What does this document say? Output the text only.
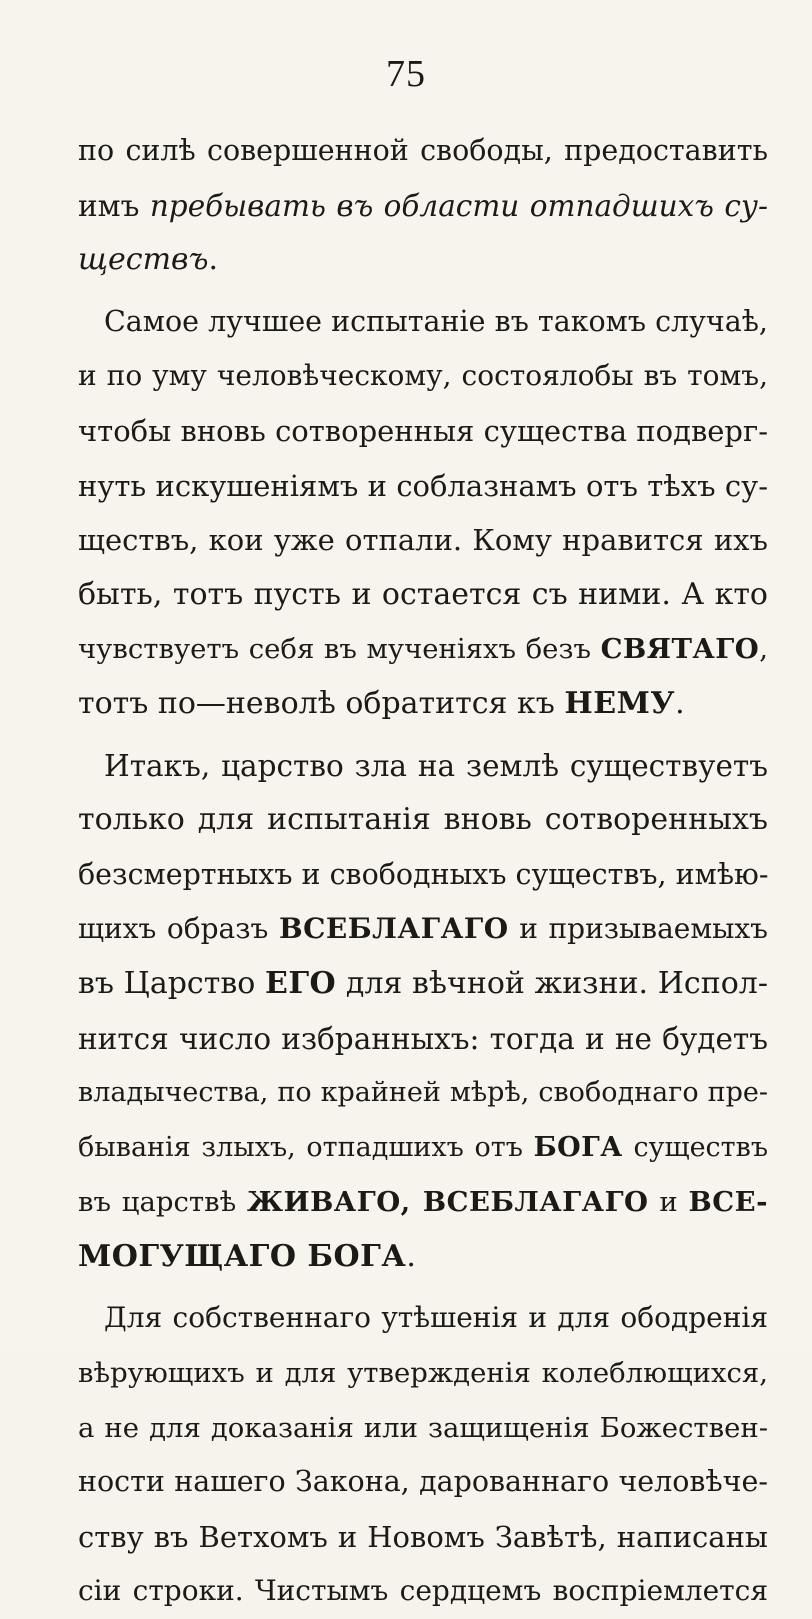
75
по силѣ совершенной свободы, предоставить
имъ пребывать въ области отпадшихъ су-
ществъ.
Самое лучшее испытаніе въ такомъ случаѣ,
и по уму человѣческому, состоялобы въ томъ,
чтобы вновь сотворенныя существа подверг-
нуть искушеніямъ и соблазнамъ отъ тѣхъ су-
ществъ, кои уже отпали. Кому нравится ихъ
быть, тотъ пусть и остается съ ними. А кто
чувствуетъ себя въ мученіяхъ безъ СВЯТАГО,
тотъ по—неволѣ обратится къ НЕМУ.
Итакъ, царство зла на землѣ существуетъ
только для испытанія вновь сотворенныхъ
безсмертныхъ и свободныхъ существъ, имѣю-
щихъ образъ ВСЕБЛАГАГО и призываемыхъ
въ Царство ЕГО для вѣчной жизни. Испол-
нится число избранныхъ: тогда и не будетъ
владычества, по крайней мѣрѣ, свободнаго пре-
быванія злыхъ, отпадшихъ отъ БОГА существъ
въ царствѣ ЖИВАГО, ВСЕБЛАГАГО и ВСЕ-
МОГУЩАГО БОГА.
Для собственнаго утѣшенія и для ободренія
вѣрующихъ и для утвержденія колеблющихся,
а не для доказанія или защищенія Божествен-
ности нашего Закона, дарованнаго человѣче-
ству въ Ветхомъ и Новомъ Завѣтѣ, написаны
сіи строки. Чистымъ сердцемъ воспріемлется
